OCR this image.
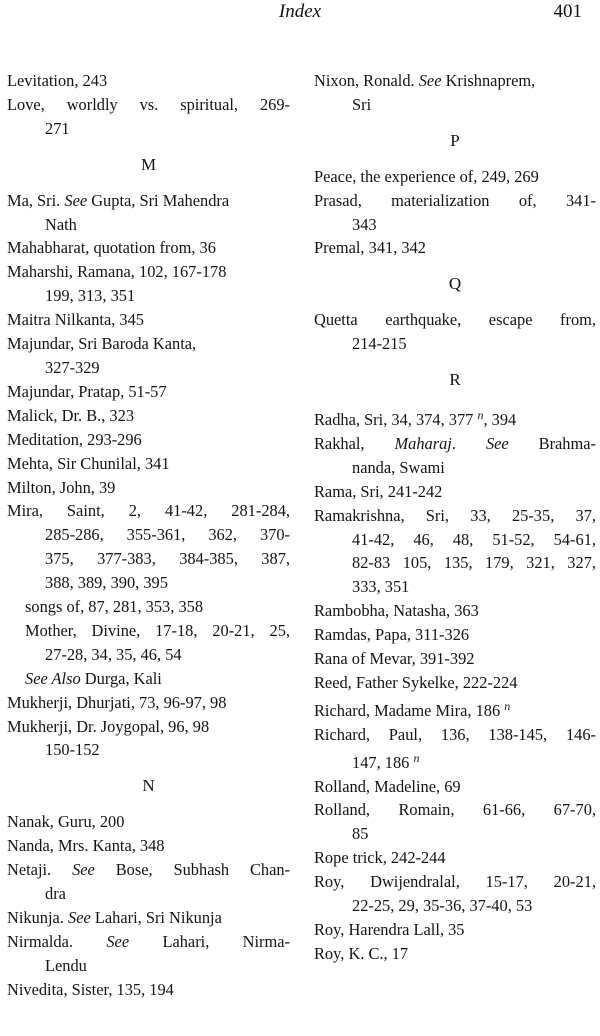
Index	401
Levitation, 243
Love, worldly vs. spiritual, 269-
271
M
Ma, Sri. See Gupta, Sri Mahendra
Nath
Mahabharat, quotation from, 36
Maharshi, Ramana, 102, 167-178
199, 313, 351
Maitra Nilkanta, 345
Majundar, Sri Baroda Kanta,
327-329
Majundar, Pratap, 51-57
Malick, Dr. B., 323
Meditation, 293-296
Mehta, Sir Chunilal, 341
Milton, John, 39
Mira, Saint, 2, 41-42, 281-284,
285-286, 355-361, 362, 370-
375, 377-383, 384-385, 387,
388, 389, 390, 395
songs of, 87, 281, 353, 358
Mother, Divine, 17-18, 20-21, 25,
27-28, 34, 35, 46, 54
See Also Durga, Kali
Mukherji, Dhurjati, 73, 96-97, 98
Mukherji, Dr. Joygopal, 96, 98
150-152
N
Nanak, Guru, 200
Nanda, Mrs. Kanta, 348
Netaji. See Bose, Subhash Chan-
dra
Nikunja. See Lahari, Sri Nikunja
Nirmalda. See Lahari, Nirma-
Lendu
Nivedita, Sister, 135, 194
Nixon, Ronald. See Krishnaprem,
Sri
P
Peace, the experience of, 249, 269
Prasad, materialization of, 341-
343
Premal, 341, 342
Q
Quetta earthquake, escape from,
214-215
R
Radha, Sri, 34, 374, 377 $^n$, 394
Rakhal, Maharaj. See Brahma-
nanda, Swami
Rama, Sri, 241-242
Ramakrishna, Sri, 33, 25-35, 37,
41-42, 46, 48, 51-52, 54-61,
82-83 105, 135, 179, 321, 327,
333, 351
Rambobha, Natasha, 363
Ramdas, Papa, 311-326
Rana of Mevar, 391-392
Reed, Father Sykelke, 222-224
Richard, Madame Mira, 186 $^n$
Richard, Paul, 136, 138-145, 146-
147, 186 $^n$
Rolland, Madeline, 69
Rolland, Romain, 61-66, 67-70,
85
Rope trick, 242-244
Roy, Dwijendralal, 15-17, 20-21,
22-25, 29, 35-36, 37-40, 53
Roy, Harendra Lall, 35
Roy, K. C., 17
